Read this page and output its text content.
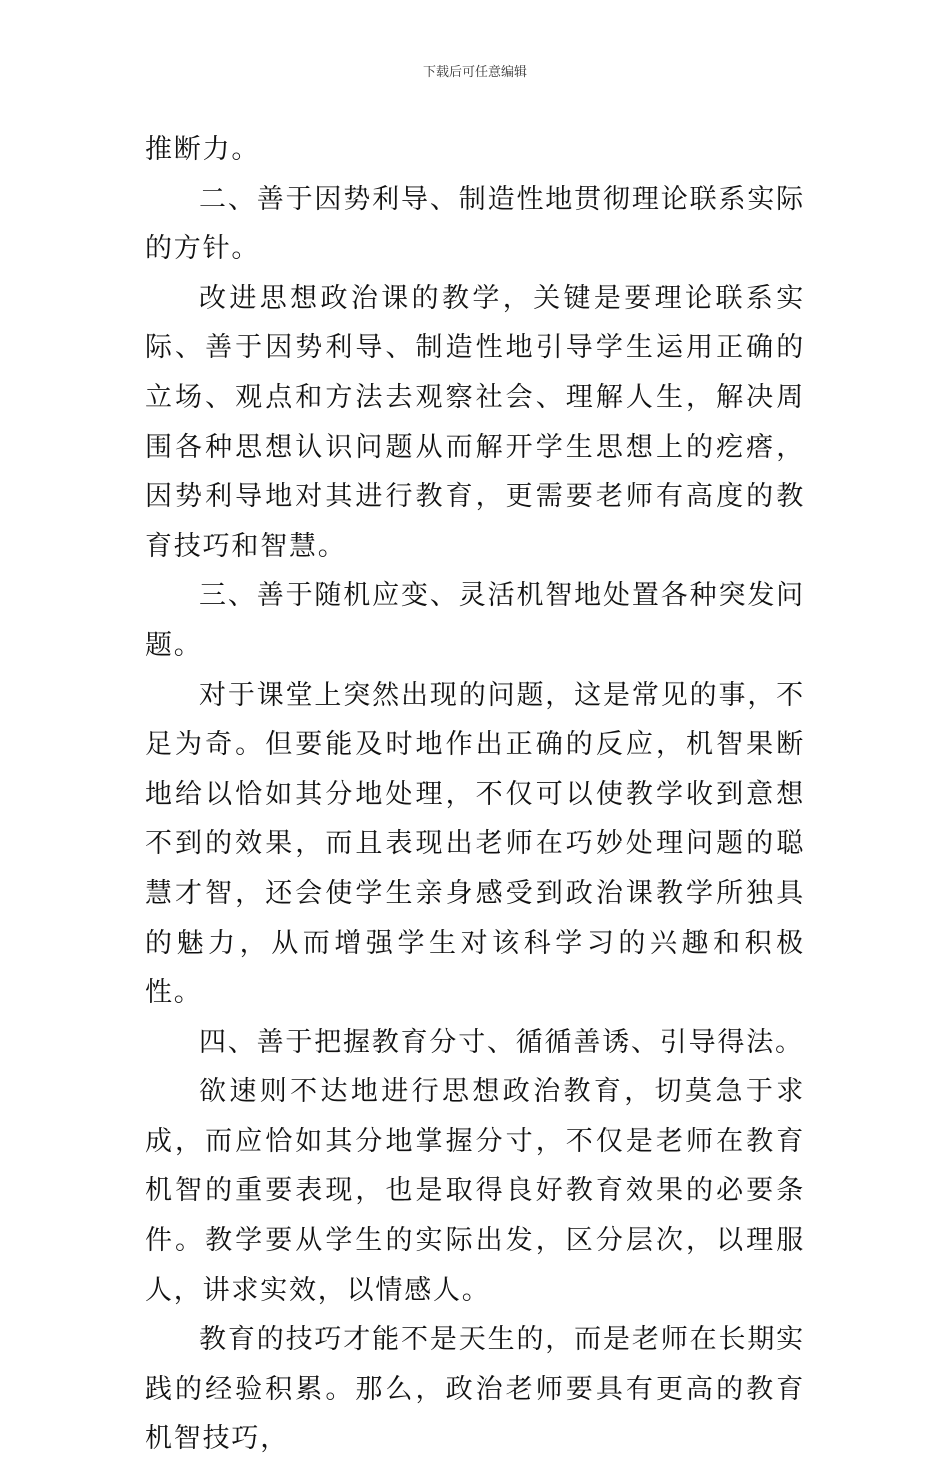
下载后可任意编辑

推断力。

二、善于因势利导、制造性地贯彻理论联系实际的方针。

改进思想政治课的教学，关键是要理论联系实际、善于因势利导、制造性地引导学生运用正确的立场、观点和方法去观察社会、理解人生，解决周围各种思想认识问题从而解开学生思想上的疙瘩，因势利导地对其进行教育，更需要老师有高度的教育技巧和智慧。

三、善于随机应变、灵活机智地处置各种突发问题。

对于课堂上突然出现的问题，这是常见的事，不足为奇。但要能及时地作出正确的反应，机智果断地给以恰如其分地处理，不仅可以使教学收到意想不到的效果，而且表现出老师在巧妙处理问题的聪慧才智，还会使学生亲身感受到政治课教学所独具的魅力，从而增强学生对该科学习的兴趣和积极性。

四、善于把握教育分寸、循循善诱、引导得法。

欲速则不达地进行思想政治教育，切莫急于求成，而应恰如其分地掌握分寸，不仅是老师在教育机智的重要表现，也是取得良好教育效果的必要条件。教学要从学生的实际出发，区分层次，以理服人，讲求实效，以情感人。

教育的技巧才能不是天生的，而是老师在长期实践的经验积累。那么，政治老师要具有更高的教育机智技巧，
